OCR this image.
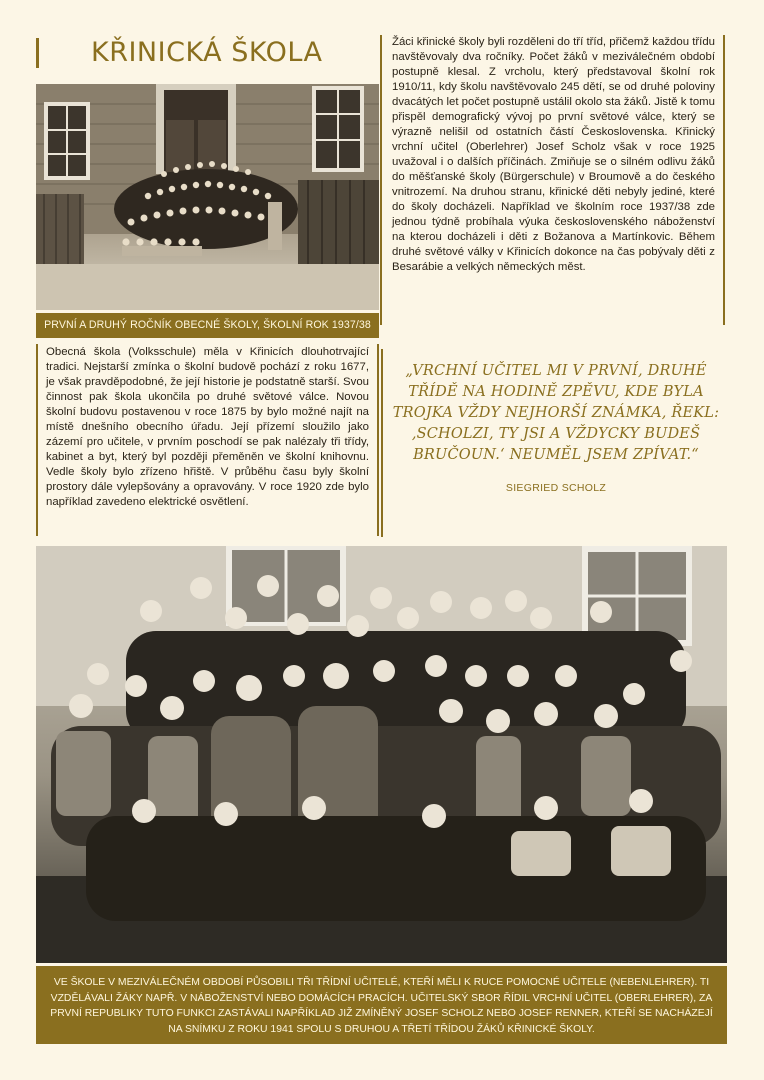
KŘINICKÁ ŠKOLA	Žáci křinické školy byli rozděleni do tří tříd, přičemž každou třídu navštěvovaly dva ročníky. Počet žáků v meziválečném období postupně klesal. Z vrcholu, který představoval školní rok 1910/11, kdy školu navštěvovalo 245 dětí, se od druhé poloviny dvacátých let počet postupně ustálil okolo sta žáků. Jistě k tomu přispěl demografický vývoj po první světové válce, který se výrazně nelišil od ostatních částí Československa. Křinický vrchní učitel (Oberlehrer) Josef Scholz však v roce 1925 uvažoval i o dalších příčinách. Zmiňuje se o silném odlivu žáků do měšťanské školy (Bürgerschule) v Broumově a do českého vnitrozemí. Na druhou stranu, křinické děti nebyly jediné, které do školy docházeli. Například ve školním roce 1937/38 zde jednou týdně probíhala výuka československého náboženství na kterou docházeli i děti z Božanova a Martínkovic. Během druhé světové války v Křinicích dokonce na čas pobývaly děti z Besarábie a velkých německých měst.

PRVNÍ A DRUHÝ ROČNÍK OBECNÉ ŠKOLY, ŠKOLNÍ ROK 1937/38

Obecná škola (Volksschule) měla v Křinicích dlouhotrvající tradici. Nejstarší zmínka o školní budově pochází z roku 1677, je však pravděpodobné, že její historie je podstatně starší. Svou činnost pak škola ukončila po druhé světové válce. Novou školní budovu postavenou v roce 1875 by bylo možné najít na místě dnešního obecního úřadu. Její přízemí sloužilo jako zázemí pro učitele, v prvním poschodí se pak nalézaly tři třídy, kabinet a byt, který byl později přeměněn ve školní knihovnu. Vedle školy bylo zřízeno hřiště. V průběhu času byly školní prostory dále vylepšovány a opravovány. V roce 1920 zde bylo například zavedeno elektrické osvětlení.

„VRCHNÍ UČITEL MI V PRVNÍ, DRUHÉ TŘÍDĚ NA HODINĚ ZPĚVU, KDE BYLA TROJKA VŽDY NEJHORŠÍ ZNÁMKA, ŘEKL: ‚SCHOLZI, TY JSI A VŽDYCKY BUDEŠ BRUČOUN.‘ NEUMĚL JSEM ZPÍVAT.“

SIEGRIED SCHOLZ

VE ŠKOLE V MEZIVÁLEČNÉM OBDOBÍ PŮSOBILI TŘI TŘÍDNÍ UČITELÉ, KTEŘÍ MĚLI K RUCE POMOCNÉ UČITELE (NEBENLEHRER). TI VZDĚLÁVALI ŽÁKY NAPŘ. V NÁBOŽENSTVÍ NEBO DOMÁCÍCH PRACÍCH. UČITELSKÝ SBOR ŘÍDIL VRCHNÍ UČITEL (OBERLEHRER), ZA PRVNÍ REPUBLIKY TUTO FUNKCI ZASTÁVALI NAPŘÍKLAD JIŽ ZMÍNĚNÝ JOSEF SCHOLZ NEBO JOSEF RENNER, KTEŘÍ SE NACHÁZEJÍ NA SNÍMKU Z ROKU 1941 SPOLU S DRUHOU A TŘETÍ TŘÍDOU ŽÁKŮ KŘINICKÉ ŠKOLY.
